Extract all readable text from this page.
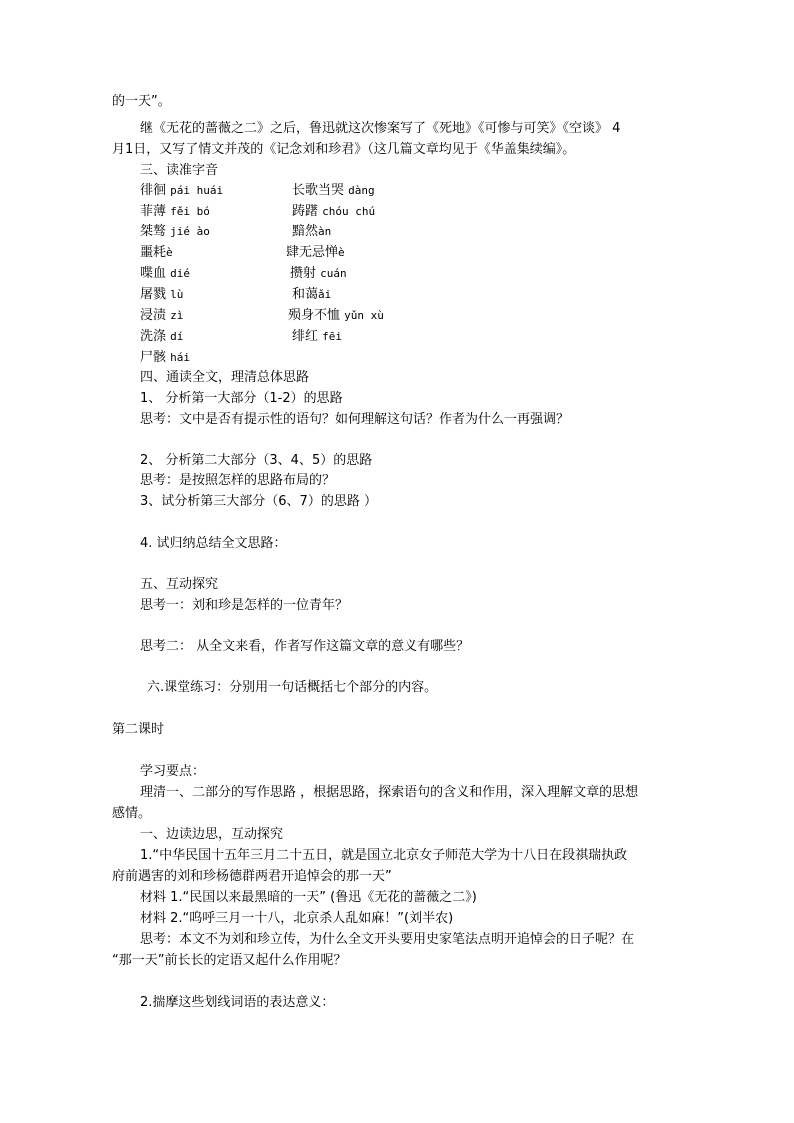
的一天”。
继《无花的蔷薇之二》之后，鲁迅就这次惨案写了《死地》《可惨与可笑》《空谈》 4
月1日，又写了情文并茂的《记念刘和珍君》（这几篇文章均见于《华盖集续编》。
三、读准字音
徘徊 pái huái
菲薄 fěi bó
桀骜 jié ào
噩耗è
喋血 dié
屠戮 lù
浸渍 zì
洗涤 dí
尸骸 hái
长歌当哭 dàng
踌躇 chóu chú
黯然àn
肆无忌惮è
攒射 cuán
和蔼ǎi
殒身不恤 yǔn xù
绯红 fēi
四、通读全文，理清总体思路
1、 分析第一大部分（1-2）的思路
思考：文中是否有提示性的语句？如何理解这句话？作者为什么一再强调？
2、 分析第二大部分（3、4、5）的思路
思考：是按照怎样的思路布局的？
3、试分析第三大部分（6、7）的思路 ）
4. 试归纳总结全文思路：
五、互动探究
思考一：刘和珍是怎样的一位青年？
思考二： 从全文来看，作者写作这篇文章的意义有哪些？
六.课堂练习：分别用一句话概括七个部分的内容。
第二课时
学习要点：
理清一、二部分的写作思路 ，根据思路，探索语句的含义和作用，深入理解文章的思想
感情。
一、边读边思，互动探究
1.“中华民国十五年三月二十五日，就是国立北京女子师范大学为十八日在段祺瑞执政
府前遇害的刘和珍杨德群两君开追悼会的那一天”
材料 1.“民国以来最黑暗的一天” (鲁迅《无花的蔷薇之二》)
材料 2.“呜呼三月一十八，北京杀人乱如麻！”(刘半农)
思考：本文不为刘和珍立传，为什么全文开头要用史家笔法点明开追悼会的日子呢？在
“那一天”前长长的定语又起什么作用呢？
2.揣摩这些划线词语的表达意义：
